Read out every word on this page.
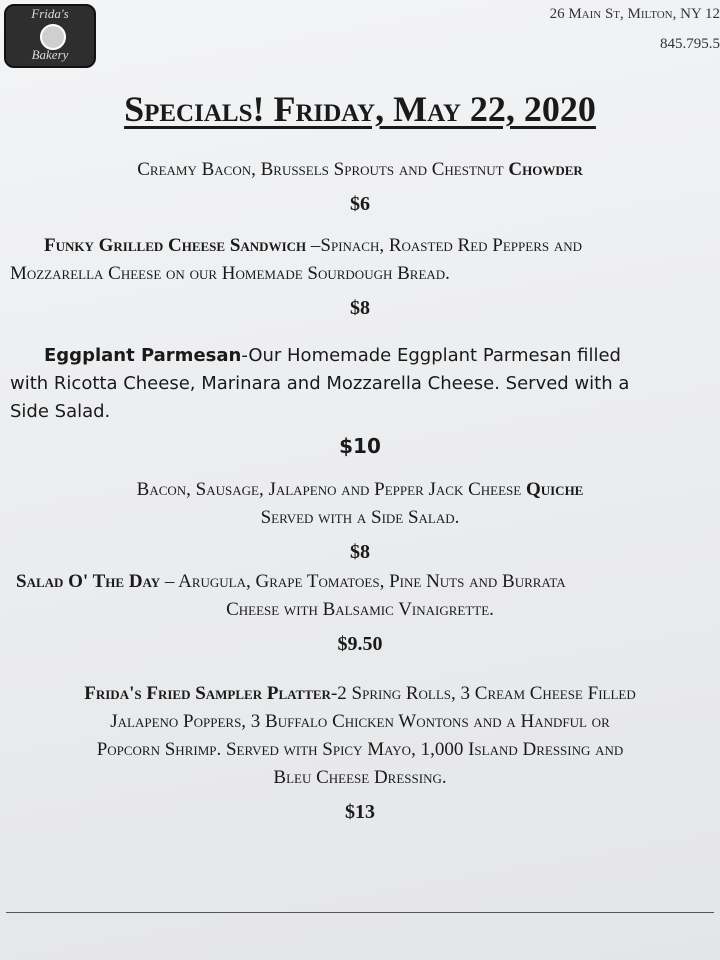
Frida's
Bakery
26 Main St, Milton, NY 12
845.795.5
Specials! Friday, May 22, 2020
Creamy Bacon, Brussels Sprouts and Chestnut Chowder
$6
Funky Grilled Cheese Sandwich –Spinach, Roasted Red Peppers and
Mozzarella Cheese on our Homemade Sourdough Bread.
$8
Eggplant Parmesan-Our Homemade Eggplant Parmesan filled
with Ricotta Cheese, Marinara and Mozzarella Cheese. Served with a
Side Salad.
$10
Bacon, Sausage, Jalapeno and Pepper Jack Cheese Quiche
Served with a Side Salad.
$8
Salad O' The Day – Arugula, Grape Tomatoes, Pine Nuts and Burrata
Cheese with Balsamic Vinaigrette.
$9.50
Frida's Fried Sampler Platter-2 Spring Rolls, 3 Cream Cheese Filled
Jalapeno Poppers, 3 Buffalo Chicken Wontons and a Handful or
Popcorn Shrimp. Served with Spicy Mayo, 1,000 Island Dressing and
Bleu Cheese Dressing.
$13
